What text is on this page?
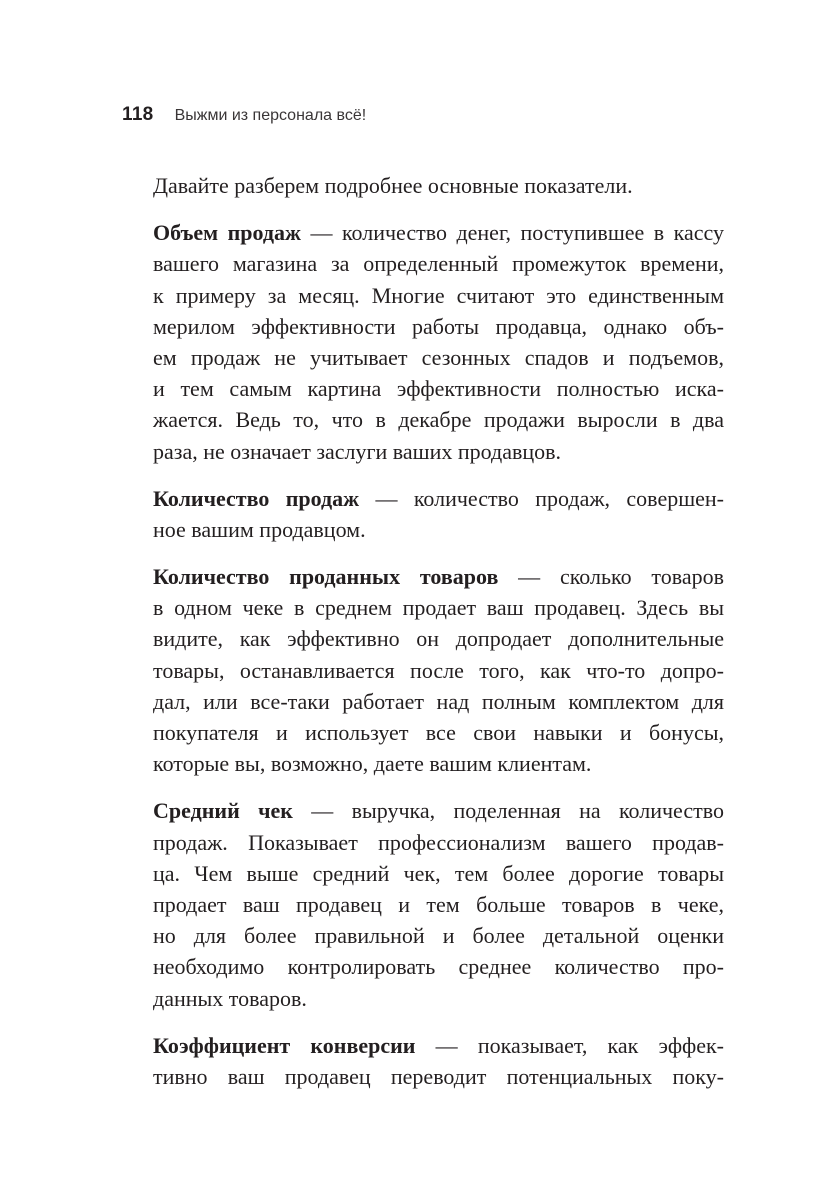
118 Выжми из персонала всё!

Давайте разберем подробнее основные показатели.

Объем продаж — количество денег, поступившее в кассу
вашего магазина за определенный промежуток времени,
к примеру за месяц. Многие считают это единственным
мерилом эффективности работы продавца, однако объ-
ем продаж не учитывает сезонных спадов и подъемов,
и тем самым картина эффективности полностью иска-
жается. Ведь то, что в декабре продажи выросли в два
раза, не означает заслуги ваших продавцов.

Количество продаж — количество продаж, совершен-
ное вашим продавцом.

Количество проданных товаров — сколько товаров
в одном чеке в среднем продает ваш продавец. Здесь вы
видите, как эффективно он допродает дополнительные
товары, останавливается после того, как что-то допро-
дал, или все-таки работает над полным комплектом для
покупателя и использует все свои навыки и бонусы,
которые вы, возможно, даете вашим клиентам.

Средний чек — выручка, поделенная на количество
продаж. Показывает профессионализм вашего продав-
ца. Чем выше средний чек, тем более дорогие товары
продает ваш продавец и тем больше товаров в чеке,
но для более правильной и более детальной оценки
необходимо контролировать среднее количество про-
данных товаров.

Коэффициент конверсии — показывает, как эффек-
тивно ваш продавец переводит потенциальных поку-
